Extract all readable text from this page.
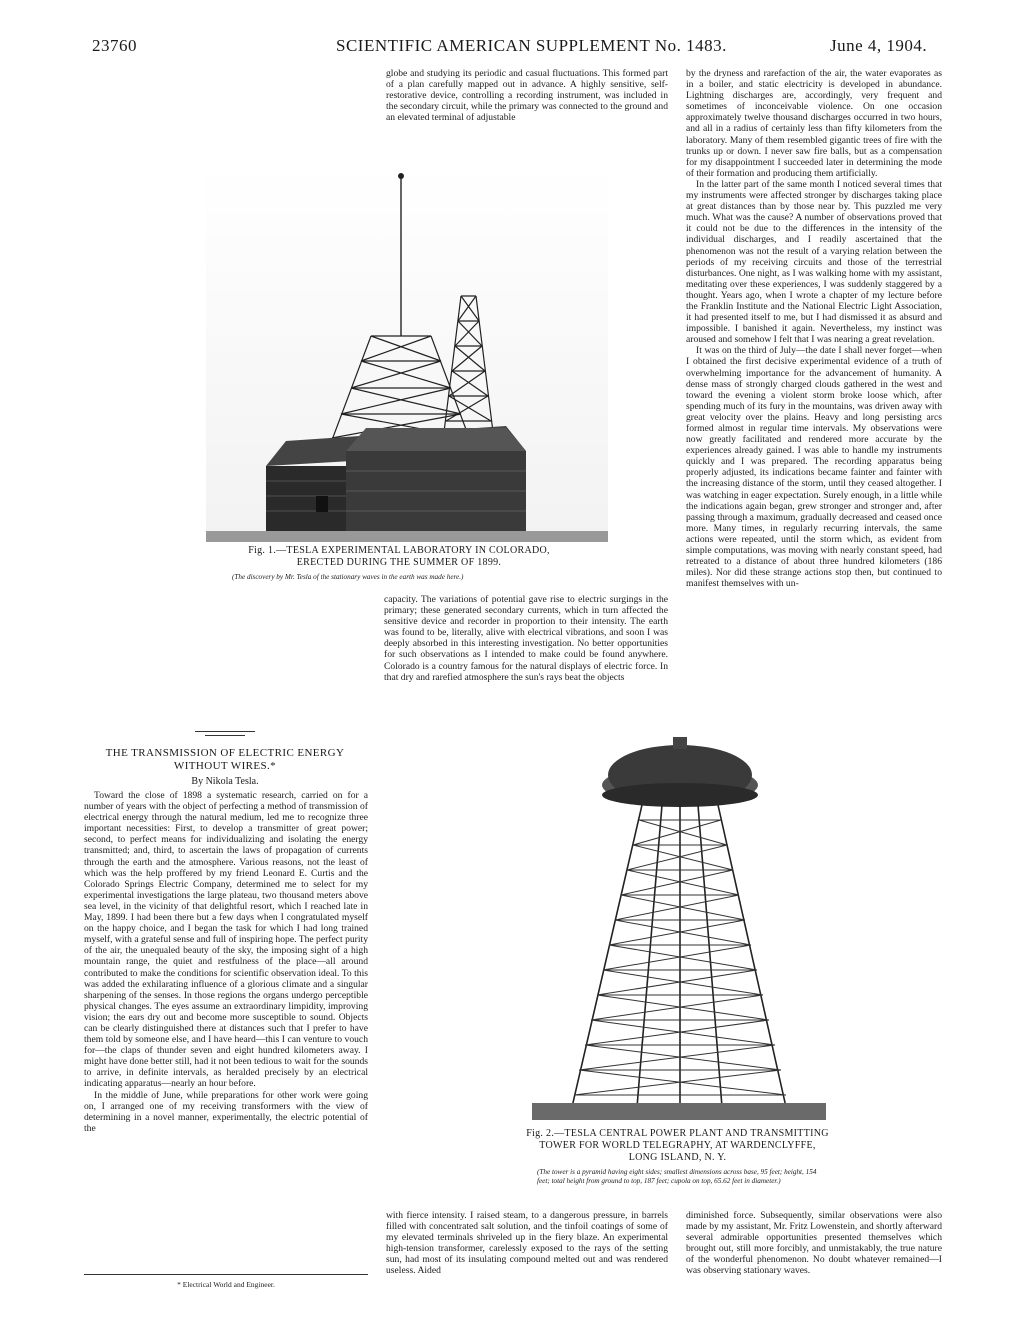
23760	SCIENTIFIC AMERICAN SUPPLEMENT No. 1483.	June 4, 1904.

globe and studying its periodic and casual fluctuations. This formed part of a plan carefully mapped out in advance. A highly sensitive, self-restorative device, controlling a recording instrument, was included in the secondary circuit, while the primary was connected to the ground and an elevated terminal of adjustable

Fig. 1.—TESLA EXPERIMENTAL LABORATORY IN COLORADO, ERECTED DURING THE SUMMER OF 1899.
(The discovery by Mr. Tesla of the stationary waves in the earth was made here.)

capacity. The variations of potential gave rise to electric surgings in the primary; these generated secondary currents, which in turn affected the sensitive device and recorder in proportion to their intensity. The earth was found to be, literally, alive with electrical vibrations, and soon I was deeply absorbed in this interesting investigation. No better opportunities for such observations as I intended to make could be found anywhere. Colorado is a country famous for the natural displays of electric force. In that dry and rarefied atmosphere the sun's rays beat the objects

by the dryness and rarefaction of the air, the water evaporates as in a boiler, and static electricity is developed in abundance. Lightning discharges are, accordingly, very frequent and sometimes of inconceivable violence. On one occasion approximately twelve thousand discharges occurred in two hours, and all in a radius of certainly less than fifty kilometers from the laboratory. Many of them resembled gigantic trees of fire with the trunks up or down. I never saw fire balls, but as a compensation for my disappointment I succeeded later in determining the mode of their formation and producing them artificially.

In the latter part of the same month I noticed several times that my instruments were affected stronger by discharges taking place at great distances than by those near by. This puzzled me very much. What was the cause? A number of observations proved that it could not be due to the differences in the intensity of the individual discharges, and I readily ascertained that the phenomenon was not the result of a varying relation between the periods of my receiving circuits and those of the terrestrial disturbances. One night, as I was walking home with my assistant, meditating over these experiences, I was suddenly staggered by a thought. Years ago, when I wrote a chapter of my lecture before the Franklin Institute and the National Electric Light Association, it had presented itself to me, but I had dismissed it as absurd and impossible. I banished it again. Nevertheless, my instinct was aroused and somehow I felt that I was nearing a great revelation.

It was on the third of July—the date I shall never forget—when I obtained the first decisive experimental evidence of a truth of overwhelming importance for the advancement of humanity. A dense mass of strongly charged clouds gathered in the west and toward the evening a violent storm broke loose which, after spending much of its fury in the mountains, was driven away with great velocity over the plains. Heavy and long persisting arcs formed almost in regular time intervals. My observations were now greatly facilitated and rendered more accurate by the experiences already gained. I was able to handle my instruments quickly and I was prepared. The recording apparatus being properly adjusted, its indications became fainter and fainter with the increasing distance of the storm, until they ceased altogether. I was watching in eager expectation. Surely enough, in a little while the indications again began, grew stronger and stronger and, after passing through a maximum, gradually decreased and ceased once more. Many times, in regularly recurring intervals, the same actions were repeated, until the storm which, as evident from simple computations, was moving with nearly constant speed, had retreated to a distance of about three hundred kilometers (186 miles). Nor did these strange actions stop then, but continued to manifest themselves with un-

THE TRANSMISSION OF ELECTRIC ENERGY WITHOUT WIRES.*
By Nikola Tesla.

Toward the close of 1898 a systematic research, carried on for a number of years with the object of perfecting a method of transmission of electrical energy through the natural medium, led me to recognize three important necessities: First, to develop a transmitter of great power; second, to perfect means for individualizing and isolating the energy transmitted; and, third, to ascertain the laws of propagation of currents through the earth and the atmosphere. Various reasons, not the least of which was the help proffered by my friend Leonard E. Curtis and the Colorado Springs Electric Company, determined me to select for my experimental investigations the large plateau, two thousand meters above sea level, in the vicinity of that delightful resort, which I reached late in May, 1899. I had been there but a few days when I congratulated myself on the happy choice, and I began the task for which I had long trained myself, with a grateful sense and full of inspiring hope. The perfect purity of the air, the unequaled beauty of the sky, the imposing sight of a high mountain range, the quiet and restfulness of the place—all around contributed to make the conditions for scientific observation ideal. To this was added the exhilarating influence of a glorious climate and a singular sharpening of the senses. In those regions the organs undergo perceptible physical changes. The eyes assume an extraordinary limpidity, improving vision; the ears dry out and become more susceptible to sound. Objects can be clearly distinguished there at distances such that I prefer to have them told by someone else, and I have heard—this I can venture to vouch for—the claps of thunder seven and eight hundred kilometers away. I might have done better still, had it not been tedious to wait for the sounds to arrive, in definite intervals, as heralded precisely by an electrical indicating apparatus—nearly an hour before.

In the middle of June, while preparations for other work were going on, I arranged one of my receiving transformers with the view of determining in a novel manner, experimentally, the electric potential of the

* Electrical World and Engineer.
Fig. 2.—TESLA CENTRAL POWER PLANT AND TRANSMITTING TOWER FOR WORLD TELEGRAPHY, AT WARDENCLYFFE, LONG ISLAND, N. Y.
(The tower is a pyramid having eight sides; smallest dimensions across base, 95 feet; height, 154 feet; total height from ground to top, 187 feet; cupola on top, 65.62 feet in diameter.)

with fierce intensity. I raised steam, to a dangerous pressure, in barrels filled with concentrated salt solution, and the tinfoil coatings of some of my elevated terminals shriveled up in the fiery blaze. An experimental high-tension transformer, carelessly exposed to the rays of the setting sun, had most of its insulating compound melted out and was rendered useless. Aided

diminished force. Subsequently, similar observations were also made by my assistant, Mr. Fritz Lowenstein, and shortly afterward several admirable opportunities presented themselves which brought out, still more forcibly, and unmistakably, the true nature of the wonderful phenomenon. No doubt whatever remained—I was observing stationary waves.
